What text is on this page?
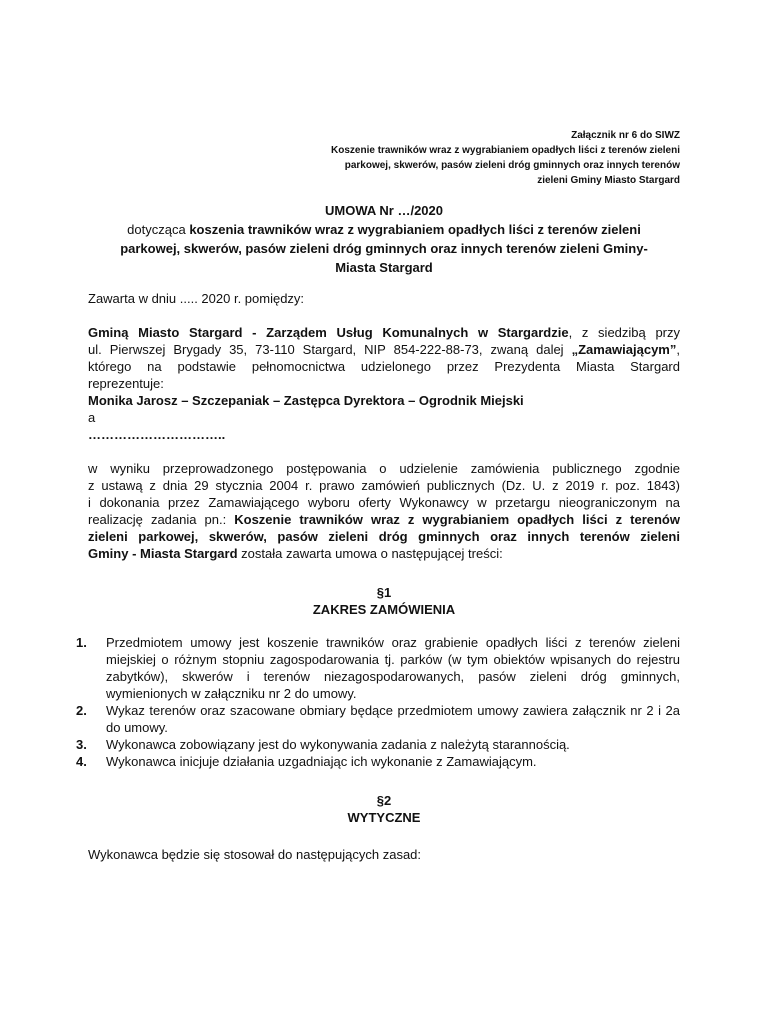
Załącznik nr 6 do SIWZ
Koszenie trawników wraz z wygrabianiem opadłych liści z terenów zieleni
parkowej, skwerów, pasów zieleni dróg gminnych oraz innych terenów
zieleni Gminy Miasto Stargard
UMOWA Nr …/2020
dotycząca koszenia trawników wraz z wygrabianiem opadłych liści z terenów zieleni
parkowej, skwerów, pasów zieleni dróg gminnych oraz innych terenów zieleni Gminy-
Miasta Stargard
Zawarta w dniu ..... 2020 r. pomiędzy:
Gminą Miasto Stargard - Zarządem Usług Komunalnych w Stargardzie, z siedzibą przy
ul. Pierwszej Brygady 35, 73-110 Stargard, NIP 854-222-88-73, zwaną dalej „Zamawiającym”,
którego na podstawie pełnomocnictwa udzielonego przez Prezydenta Miasta Stargard
reprezentuje:
Monika Jarosz – Szczepaniak – Zastępca Dyrektora – Ogrodnik Miejski
a
…………………………..
w wyniku przeprowadzonego postępowania o udzielenie zamówienia publicznego zgodnie
z ustawą z dnia 29 stycznia 2004 r. prawo zamówień publicznych (Dz. U. z 2019 r. poz. 1843)
i dokonania przez Zamawiającego wyboru oferty Wykonawcy w przetargu nieograniczonym na
realizację zadania pn.: Koszenie trawników wraz z wygrabianiem opadłych liści z terenów
zieleni parkowej, skwerów, pasów zieleni dróg gminnych oraz innych terenów zieleni
Gminy - Miasta Stargard została zawarta umowa o następującej treści:
§1
ZAKRES ZAMÓWIENIA
1.	Przedmiotem umowy jest koszenie trawników oraz grabienie opadłych liści z terenów zieleni miejskiej o różnym stopniu zagospodarowania tj. parków (w tym obiektów wpisanych do rejestru zabytków), skwerów i terenów niezagospodarowanych, pasów zieleni dróg gminnych, wymienionych w załączniku nr 2 do umowy.
2.	Wykaz terenów oraz szacowane obmiary będące przedmiotem umowy zawiera załącznik nr 2 i 2a do umowy.
3.	Wykonawca zobowiązany jest do wykonywania zadania z należytą starannością.
4.	Wykonawca inicjuje działania uzgadniając ich wykonanie z Zamawiającym.
§2
WYTYCZNE
Wykonawca będzie się stosował do następujących zasad:
